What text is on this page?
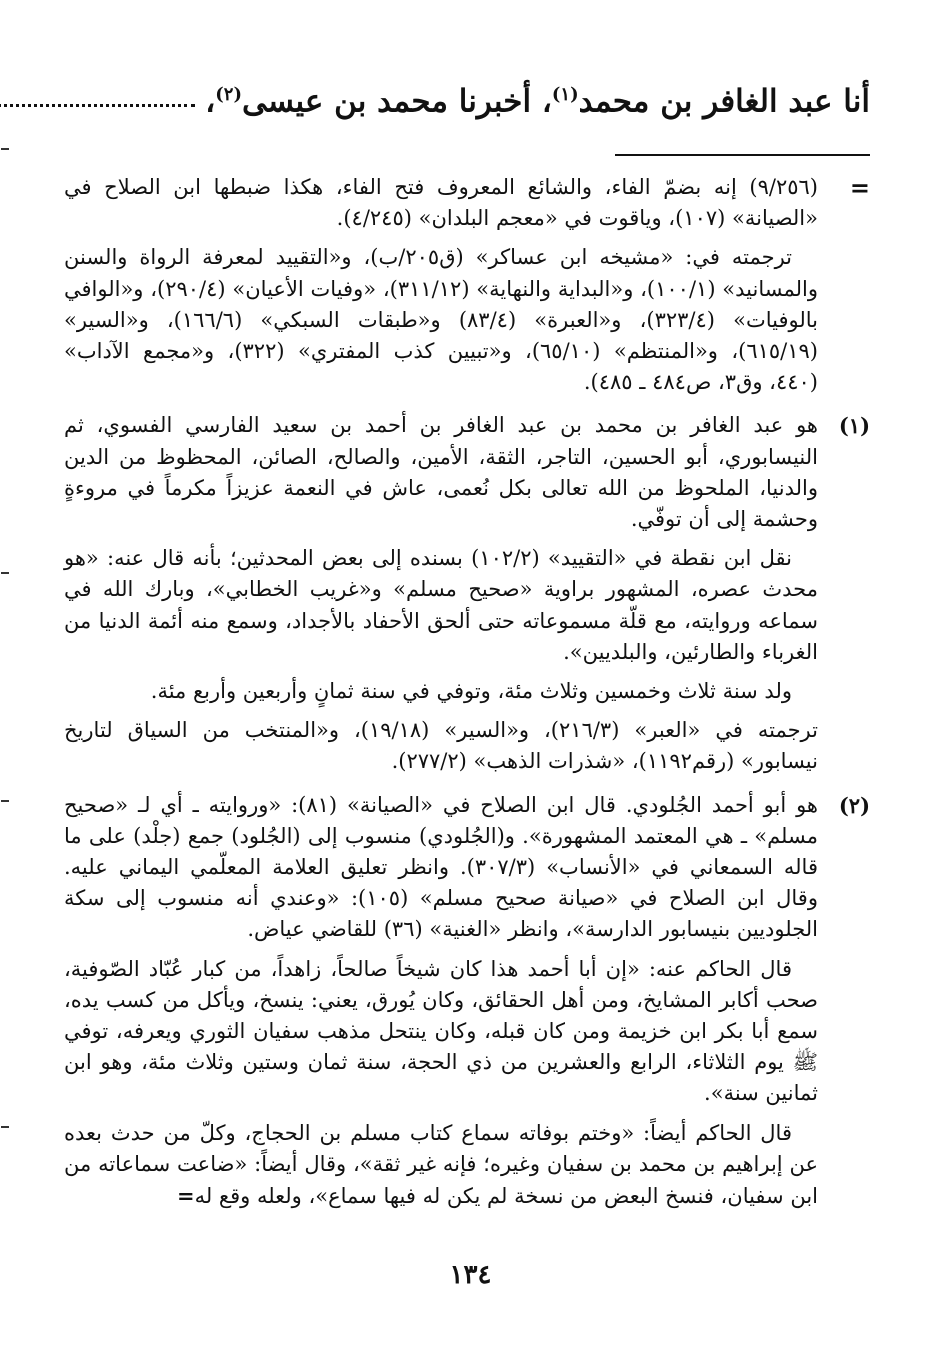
أنا عبد الغافر بن محمد$^{(١)}$، أخبرنا محمد بن عيسى$^{(٢)}$،
=

(٩/٢٥٦) إنه بضمّ الفاء، والشائع المعروف فتح الفاء، هكذا ضبطها ابن الصلاح في «الصيانة» (١٠٧)، وياقوت في «معجم البلدان» (٤/٢٤٥).

ترجمته في: «مشيخه ابن عساكر» (ق٢٠٥/ب)، و«التقييد لمعرفة الرواة والسنن والمسانيد» (١٠٠/١)، و«البداية والنهاية» (٣١١/١٢)، «وفيات الأعيان» (٢٩٠/٤)، و«الوافي بالوفيات» (٣٢٣/٤)، و«العبرة» (٨٣/٤) و«طبقات السبكي» (١٦٦/٦)، و«السير» (٦١٥/١٩)، و«المنتظم» (٦٥/١٠)، و«تبيين كذب المفتري» (٣٢٢)، و«مجمع الآداب» (٤٤٠، وق٣، ص٤٨٤ ـ ٤٨٥).

(١)

هو عبد الغافر بن محمد بن عبد الغافر بن أحمد بن سعيد الفارسي الفسوي، ثم النيسابوري، أبو الحسين، التاجر، الثقة، الأمين، والصالح، الصائن، المحظوظ من الدين والدنيا، الملحوظ من الله تعالى بكل نُعمى، عاش في النعمة عزيزاً مكرماً في مروءةٍ وحشمة إلى أن توفّي.

نقل ابن نقطة في «التقييد» (١٠٢/٢) بسنده إلى بعض المحدثين؛ بأنه قال عنه: «هو محدث عصره، المشهور براوية «صحيح مسلم» و«غريب الخطابي»، وبارك الله في سماعه وروايته، مع قلّة مسموعاته حتى ألحق الأحفاد بالأجداد، وسمع منه أئمة الدنيا من الغرباء والطارئين، والبلديين».

ولد سنة ثلاث وخمسين وثلاث مئة، وتوفي في سنة ثمانٍ وأربعين وأربع مئة.

ترجمته في «العبر» (٢١٦/٣)، و«السير» (١٩/١٨)، و«المنتخب من السياق لتاريخ نيسابور» (رقم١١٩٢)، «شذرات الذهب» (٢٧٧/٢).

(٢)

هو أبو أحمد الجُلودي. قال ابن الصلاح في «الصيانة» (٨١): «وروايته ـ أي لـ «صحيح مسلم» ـ هي المعتمد المشهورة». و(الجُلودي) منسوب إلى (الجُلود) جمع (جلْد) على ما قاله السمعاني في «الأنساب» (٣٠٧/٣). وانظر تعليق العلامة المعلّمي اليماني عليه. وقال ابن الصلاح في «صيانة صحيح مسلم» (١٠٥): «وعندي أنه منسوب إلى سكة الجلوديين بنيسابور الدارسة»، وانظر «الغنية» (٣٦) للقاضي عياض.

قال الحاكم عنه: «إن أبا أحمد هذا كان شيخاً صالحاً، زاهداً، من كبار عُبّاد الصّوفية، صحب أكابر المشايخ، ومن أهل الحقائق، وكان يُورق، يعني: ينسخ، ويأكل من كسب يده، سمع أبا بكر ابن خزيمة ومن كان قبله، وكان ينتحل مذهب سفيان الثوري ويعرفه، توفي ﷺ يوم الثلاثاء، الرابع والعشرين من ذي الحجة، سنة ثمان وستين وثلاث مئة، وهو ابن ثمانين سنة».

قال الحاكم أيضاً: «وختم بوفاته سماع كتاب مسلم بن الحجاج، وكلّ من حدث بعده عن إبراهيم بن محمد بن سفيان وغيره؛ فإنه غير ثقة»، وقال أيضاً: «ضاعت سماعاته من ابن سفيان، فنسخ البعض من نسخة لم يكن له فيها سماع»، ولعله وقع له=

١٣٤
